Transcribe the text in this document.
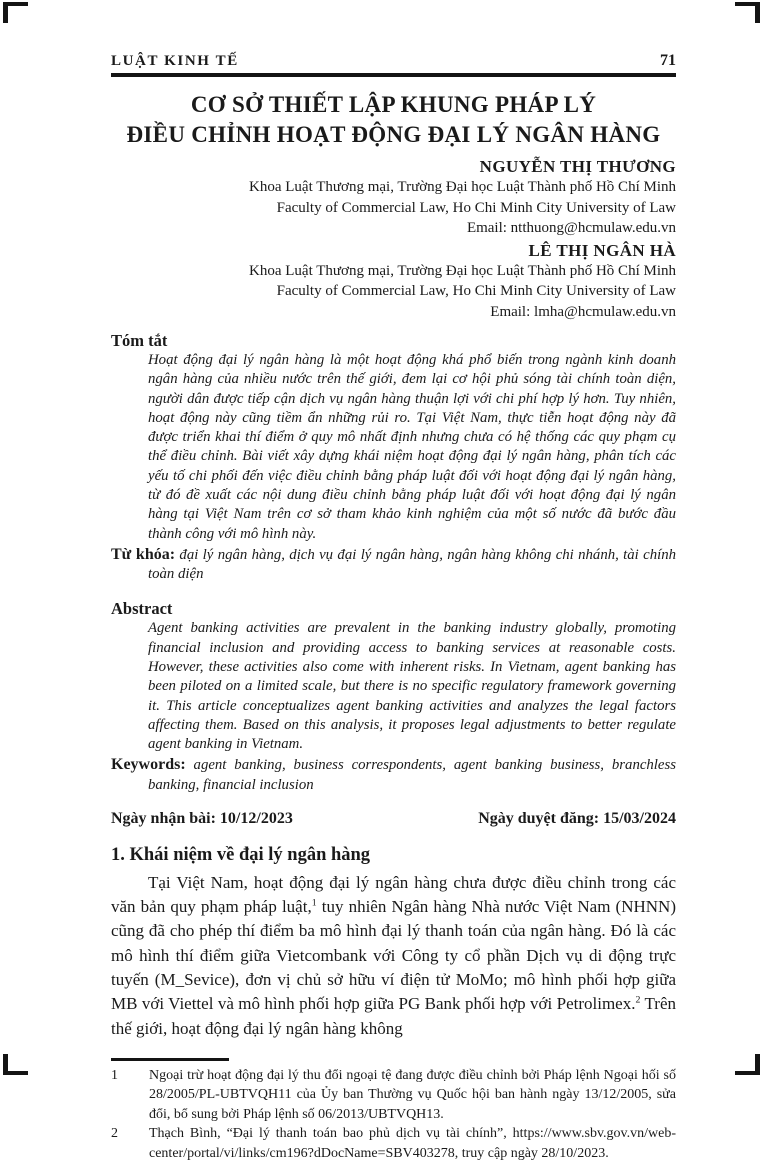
LUẬT KINH TẾ	71
CƠ SỞ THIẾT LẬP KHUNG PHÁP LÝ
ĐIỀU CHỈNH HOẠT ĐỘNG ĐẠI LÝ NGÂN HÀNG
NGUYỄN THỊ THƯƠNG
Khoa Luật Thương mại, Trường Đại học Luật Thành phố Hồ Chí Minh
Faculty of Commercial Law, Ho Chi Minh City University of Law
Email: ntthuong@hcmulaw.edu.vn
LÊ THỊ NGÂN HÀ
Khoa Luật Thương mại, Trường Đại học Luật Thành phố Hồ Chí Minh
Faculty of Commercial Law, Ho Chi Minh City University of Law
Email: lmha@hcmulaw.edu.vn
Tóm tắt
Hoạt động đại lý ngân hàng là một hoạt động khá phổ biến trong ngành kinh doanh ngân hàng của nhiều nước trên thế giới, đem lại cơ hội phủ sóng tài chính toàn diện, người dân được tiếp cận dịch vụ ngân hàng thuận lợi với chi phí hợp lý hơn. Tuy nhiên, hoạt động này cũng tiềm ẩn những rủi ro. Tại Việt Nam, thực tiễn hoạt động này đã được triển khai thí điểm ở quy mô nhất định nhưng chưa có hệ thống các quy phạm cụ thể điều chỉnh. Bài viết xây dựng khái niệm hoạt động đại lý ngân hàng, phân tích các yếu tố chi phối đến việc điều chỉnh bằng pháp luật đối với hoạt động đại lý ngân hàng, từ đó đề xuất các nội dung điều chỉnh bằng pháp luật đối với hoạt động đại lý ngân hàng tại Việt Nam trên cơ sở tham khảo kinh nghiệm của một số nước đã bước đầu thành công với mô hình này.

Từ khóa: đại lý ngân hàng, dịch vụ đại lý ngân hàng, ngân hàng không chi nhánh, tài chính toàn diện

Abstract
Agent banking activities are prevalent in the banking industry globally, promoting financial inclusion and providing access to banking services at reasonable costs. However, these activities also come with inherent risks. In Vietnam, agent banking has been piloted on a limited scale, but there is no specific regulatory framework governing it. This article conceptualizes agent banking activities and analyzes the legal factors affecting them. Based on this analysis, it proposes legal adjustments to better regulate agent banking in Vietnam.

Keywords: agent banking, business correspondents, agent banking business, branchless banking, financial inclusion

Ngày nhận bài: 10/12/2023	Ngày duyệt đăng: 15/03/2024
1. Khái niệm về đại lý ngân hàng

Tại Việt Nam, hoạt động đại lý ngân hàng chưa được điều chỉnh trong các văn bản quy phạm pháp luật,$^1$ tuy nhiên Ngân hàng Nhà nước Việt Nam (NHNN) cũng đã cho phép thí điểm ba mô hình đại lý thanh toán của ngân hàng. Đó là các mô hình thí điểm giữa Vietcombank với Công ty cổ phần Dịch vụ di động trực tuyến (M_Sevice), đơn vị chủ sở hữu ví điện tử MoMo; mô hình phối hợp giữa MB với Viettel và mô hình phối hợp giữa PG Bank phối hợp với Petrolimex.$^2$ Trên thế giới, hoạt động đại lý ngân hàng không

1	Ngoại trừ hoạt động đại lý thu đổi ngoại tệ đang được điều chỉnh bởi Pháp lệnh Ngoại hối số 28/2005/PL-UBTVQH11 của Ủy ban Thường vụ Quốc hội ban hành ngày 13/12/2005, sửa đổi, bổ sung bởi Pháp lệnh số 06/2013/UBTVQH13.
2	Thạch Bình, “Đại lý thanh toán bao phủ dịch vụ tài chính”, https://www.sbv.gov.vn/web-center/portal/vi/links/cm196?dDocName=SBV403278, truy cập ngày 28/10/2023.
